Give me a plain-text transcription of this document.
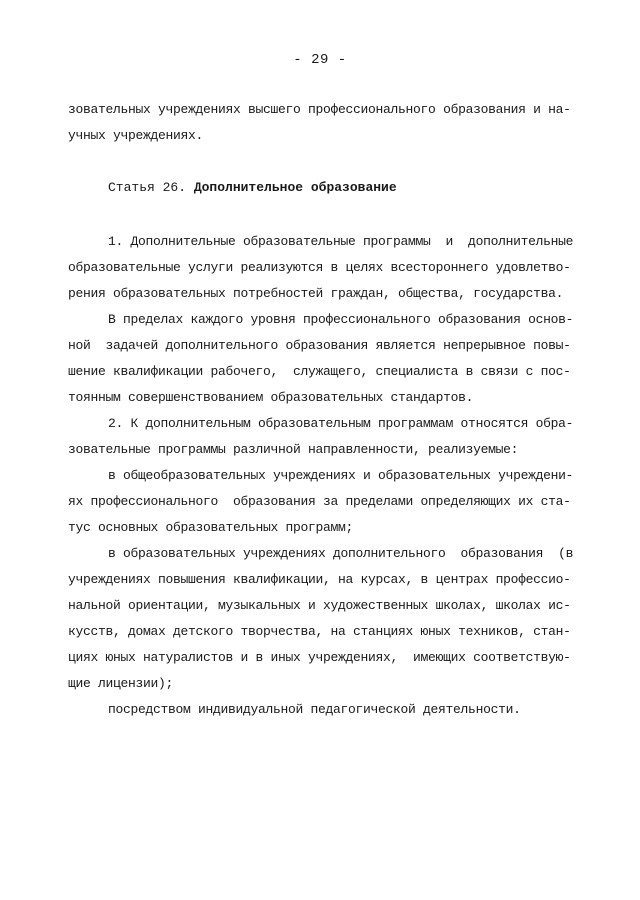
- 29 -
зовательных учреждениях высшего профессионального образования и на-
учных учреждениях.
Статья 26. Дополнительное образование
1. Дополнительные образовательные программы  и  дополнительные
образовательные услуги реализуются в целях всестороннего удовлетво-
рения образовательных потребностей граждан, общества, государства.
В пределах каждого уровня профессионального образования основ-
ной  задачей дополнительного образования является непрерывное повы-
шение квалификации рабочего,  служащего, специалиста в связи с пос-
тоянным совершенствованием образовательных стандартов.
2. К дополнительным образовательным программам относятся обра-
зовательные программы различной направленности, реализуемые:
в общеобразовательных учреждениях и образовательных учреждени-
ях профессионального  образования за пределами определяющих их ста-
тус основных образовательных программ;
в образовательных учреждениях дополнительного  образования  (в
учреждениях повышения квалификации, на курсах, в центрах профессио-
нальной ориентации, музыкальных и художественных школах, школах ис-
кусств, домах детского творчества, на станциях юных техников, стан-
циях юных натуралистов и в иных учреждениях,  имеющих соответствую-
щие лицензии);
посредством индивидуальной педагогической деятельности.
